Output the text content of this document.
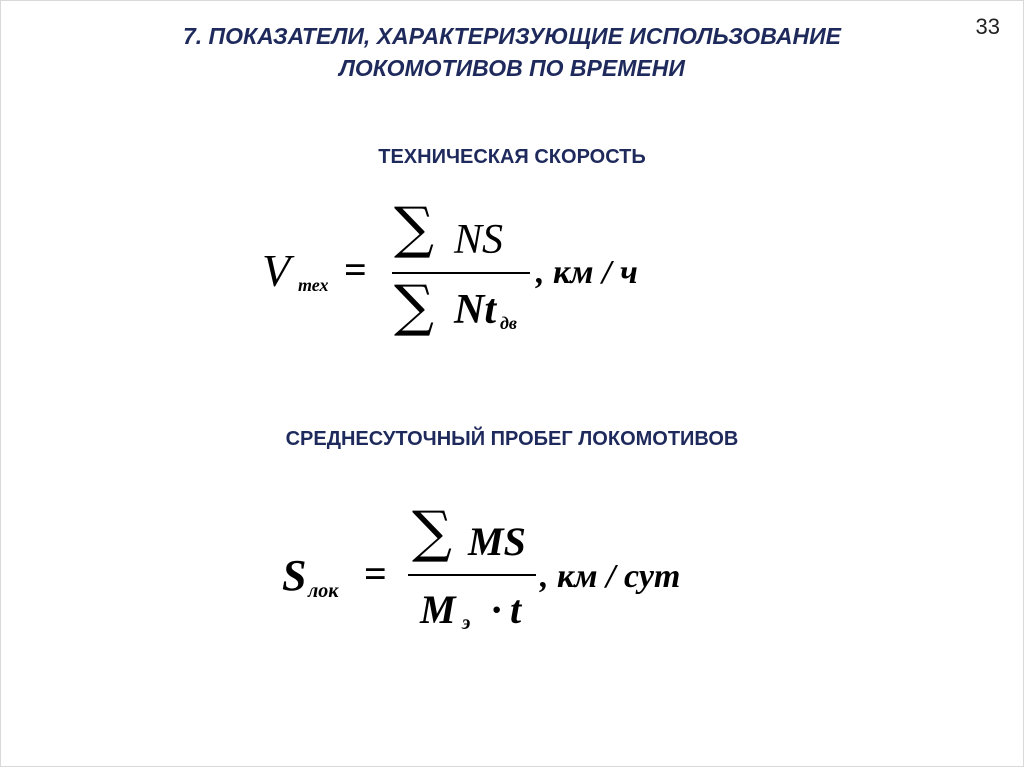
33
7. ПОКАЗАТЕЛИ, ХАРАКТЕРИЗУЮЩИЕ ИСПОЛЬЗОВАНИЕ
ЛОКОМОТИВОВ ПО ВРЕМЕНИ
ТЕХНИЧЕСКАЯ СКОРОСТЬ
V тех =
∑ NS
∑ Nt дв
, км / ч
СРЕДНЕСУТОЧНЫЙ ПРОБЕГ ЛОКОМОТИВОВ
S лок =
∑ MS
M э · t
, км / сут
